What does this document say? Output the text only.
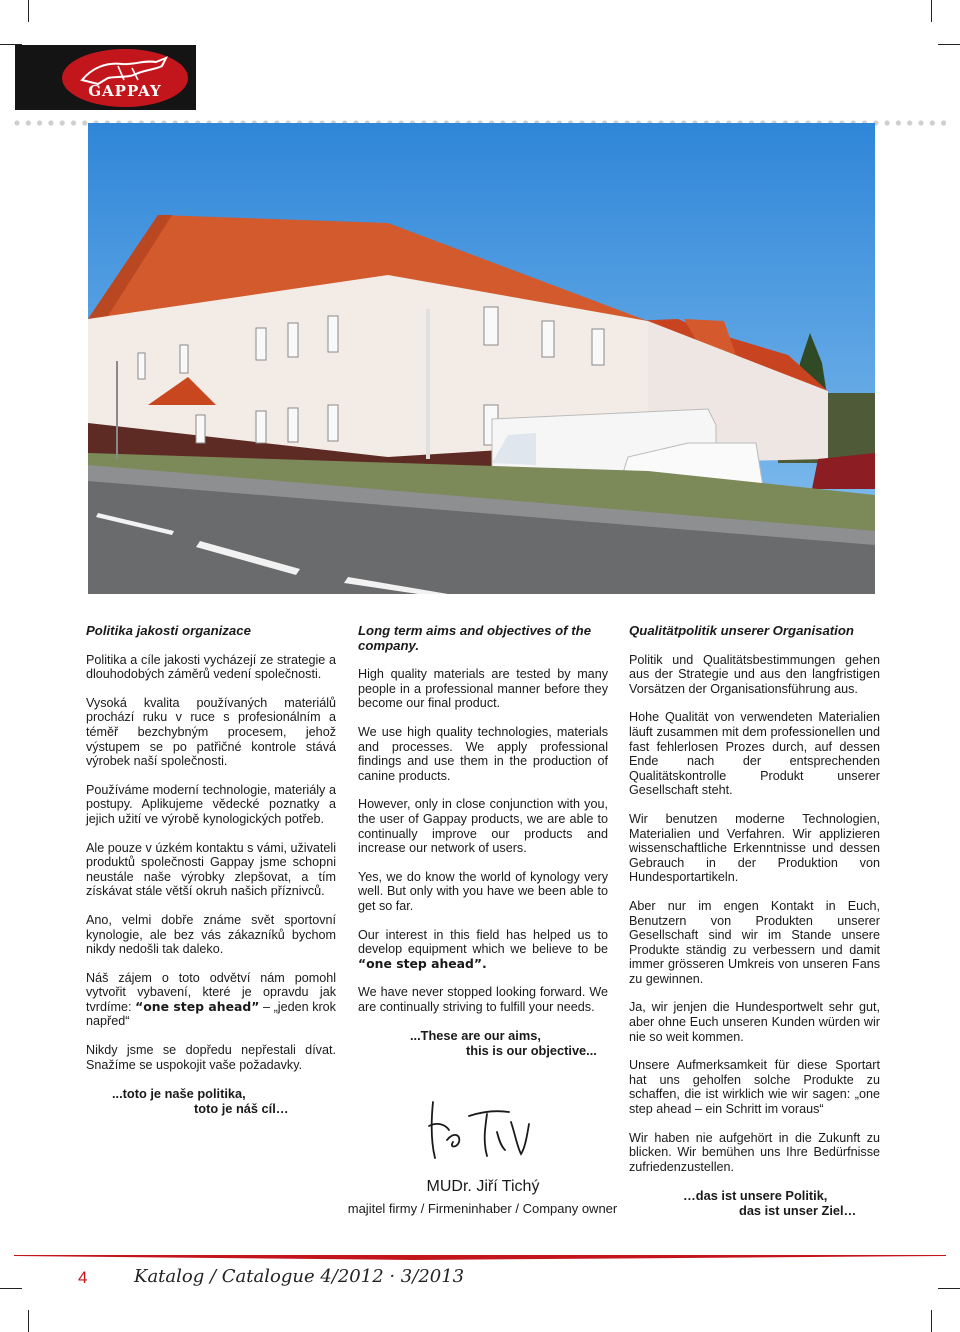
GAPPAY

Politika jakosti organizace

Politika a cíle jakosti vycházejí ze strategie a dlouhodobých záměrů vedení společnosti.

Vysoká kvalita používaných materiálů prochází ruku v ruce s profesionálním a téměř bezchybným procesem, jehož výstupem se po patřičné kontrole stává výrobek naší společnosti.

Používáme moderní technologie, materiály a postupy. Aplikujeme vědecké poznatky a jejich užití ve výrobě kynologických potřeb.

Ale pouze v úzkém kontaktu s vámi, uživateli produktů společnosti Gappay jsme schopni neustále naše výrobky zlepšovat, a tím získávat stále větší okruh našich příznivců.

Ano, velmi dobře známe svět sportovní kynologie, ale bez vás zákazníků bychom nikdy nedošli tak daleko.

Náš zájem o toto odvětví nám pomohl vytvořit vybavení, které je opravdu jak tvrdíme: “one step ahead” – „jeden krok napřed“

Nikdy jsme se dopředu nepřestali dívat. Snažíme se uspokojit vaše požadavky.

...toto je naše politika,
toto je náš cíl…

Long term aims and objectives of the company.

High quality materials are tested by many people in a professional manner before they become our final product.

We use high quality technologies, materials and processes. We apply professional findings and use them in the production of canine products.

However, only in close conjunction with you, the user of Gappay products, we are able to continually improve our products and increase our network of users.

Yes, we do know the world of kynology very well. But only with you have we been able to get so far.

Our interest in this field has helped us to develop equipment which we believe to be “one step ahead”.

We have never stopped looking forward. We are continually striving to fulfill your needs.

...These are our aims,
this is our objective...

Qualitätpolitik unserer Organisation

Politik und Qualitätsbestimmungen gehen aus der Strategie und aus den langfristigen Vorsätzen der Organisationsführung aus.

Hohe Qualität von verwendeten Materialien läuft zusammen mit dem professionellen und fast fehlerlosen Prozes durch, auf dessen Ende nach der entsprechenden Qualitätskontrolle Produkt unserer Gesellschaft steht.

Wir benutzen moderne Technologien, Materialien und Verfahren. Wir applizieren wissenschaftliche Erkenntnisse und dessen Gebrauch in der Produktion von Hundesportartikeln.

Aber nur im engen Kontakt in Euch, Benutzern von Produkten unserer Gesellschaft sind wir im Stande unsere Produkte ständig zu verbessern und damit immer grösseren Umkreis von unseren Fans zu gewinnen.

Ja, wir jenjen die Hundesportwelt sehr gut, aber ohne Euch unseren Kunden würden wir nie so weit kommen.

Unsere Aufmerksamkeit für diese Sportart hat uns geholfen solche Produkte zu schaffen, die ist wirklich wie wir sagen: „one step ahead – ein Schritt im voraus“

Wir haben nie aufgehört in die Zukunft zu blicken. Wir bemühen uns Ihre Bedürfnisse zufriedenzustellen.

…das ist unsere Politik,
das ist unser Ziel…
MUDr. Jiří Tichý
majitel firmy / Firmeninhaber / Company owner
4	Katalog / Catalogue 4/2012 · 3/2013
